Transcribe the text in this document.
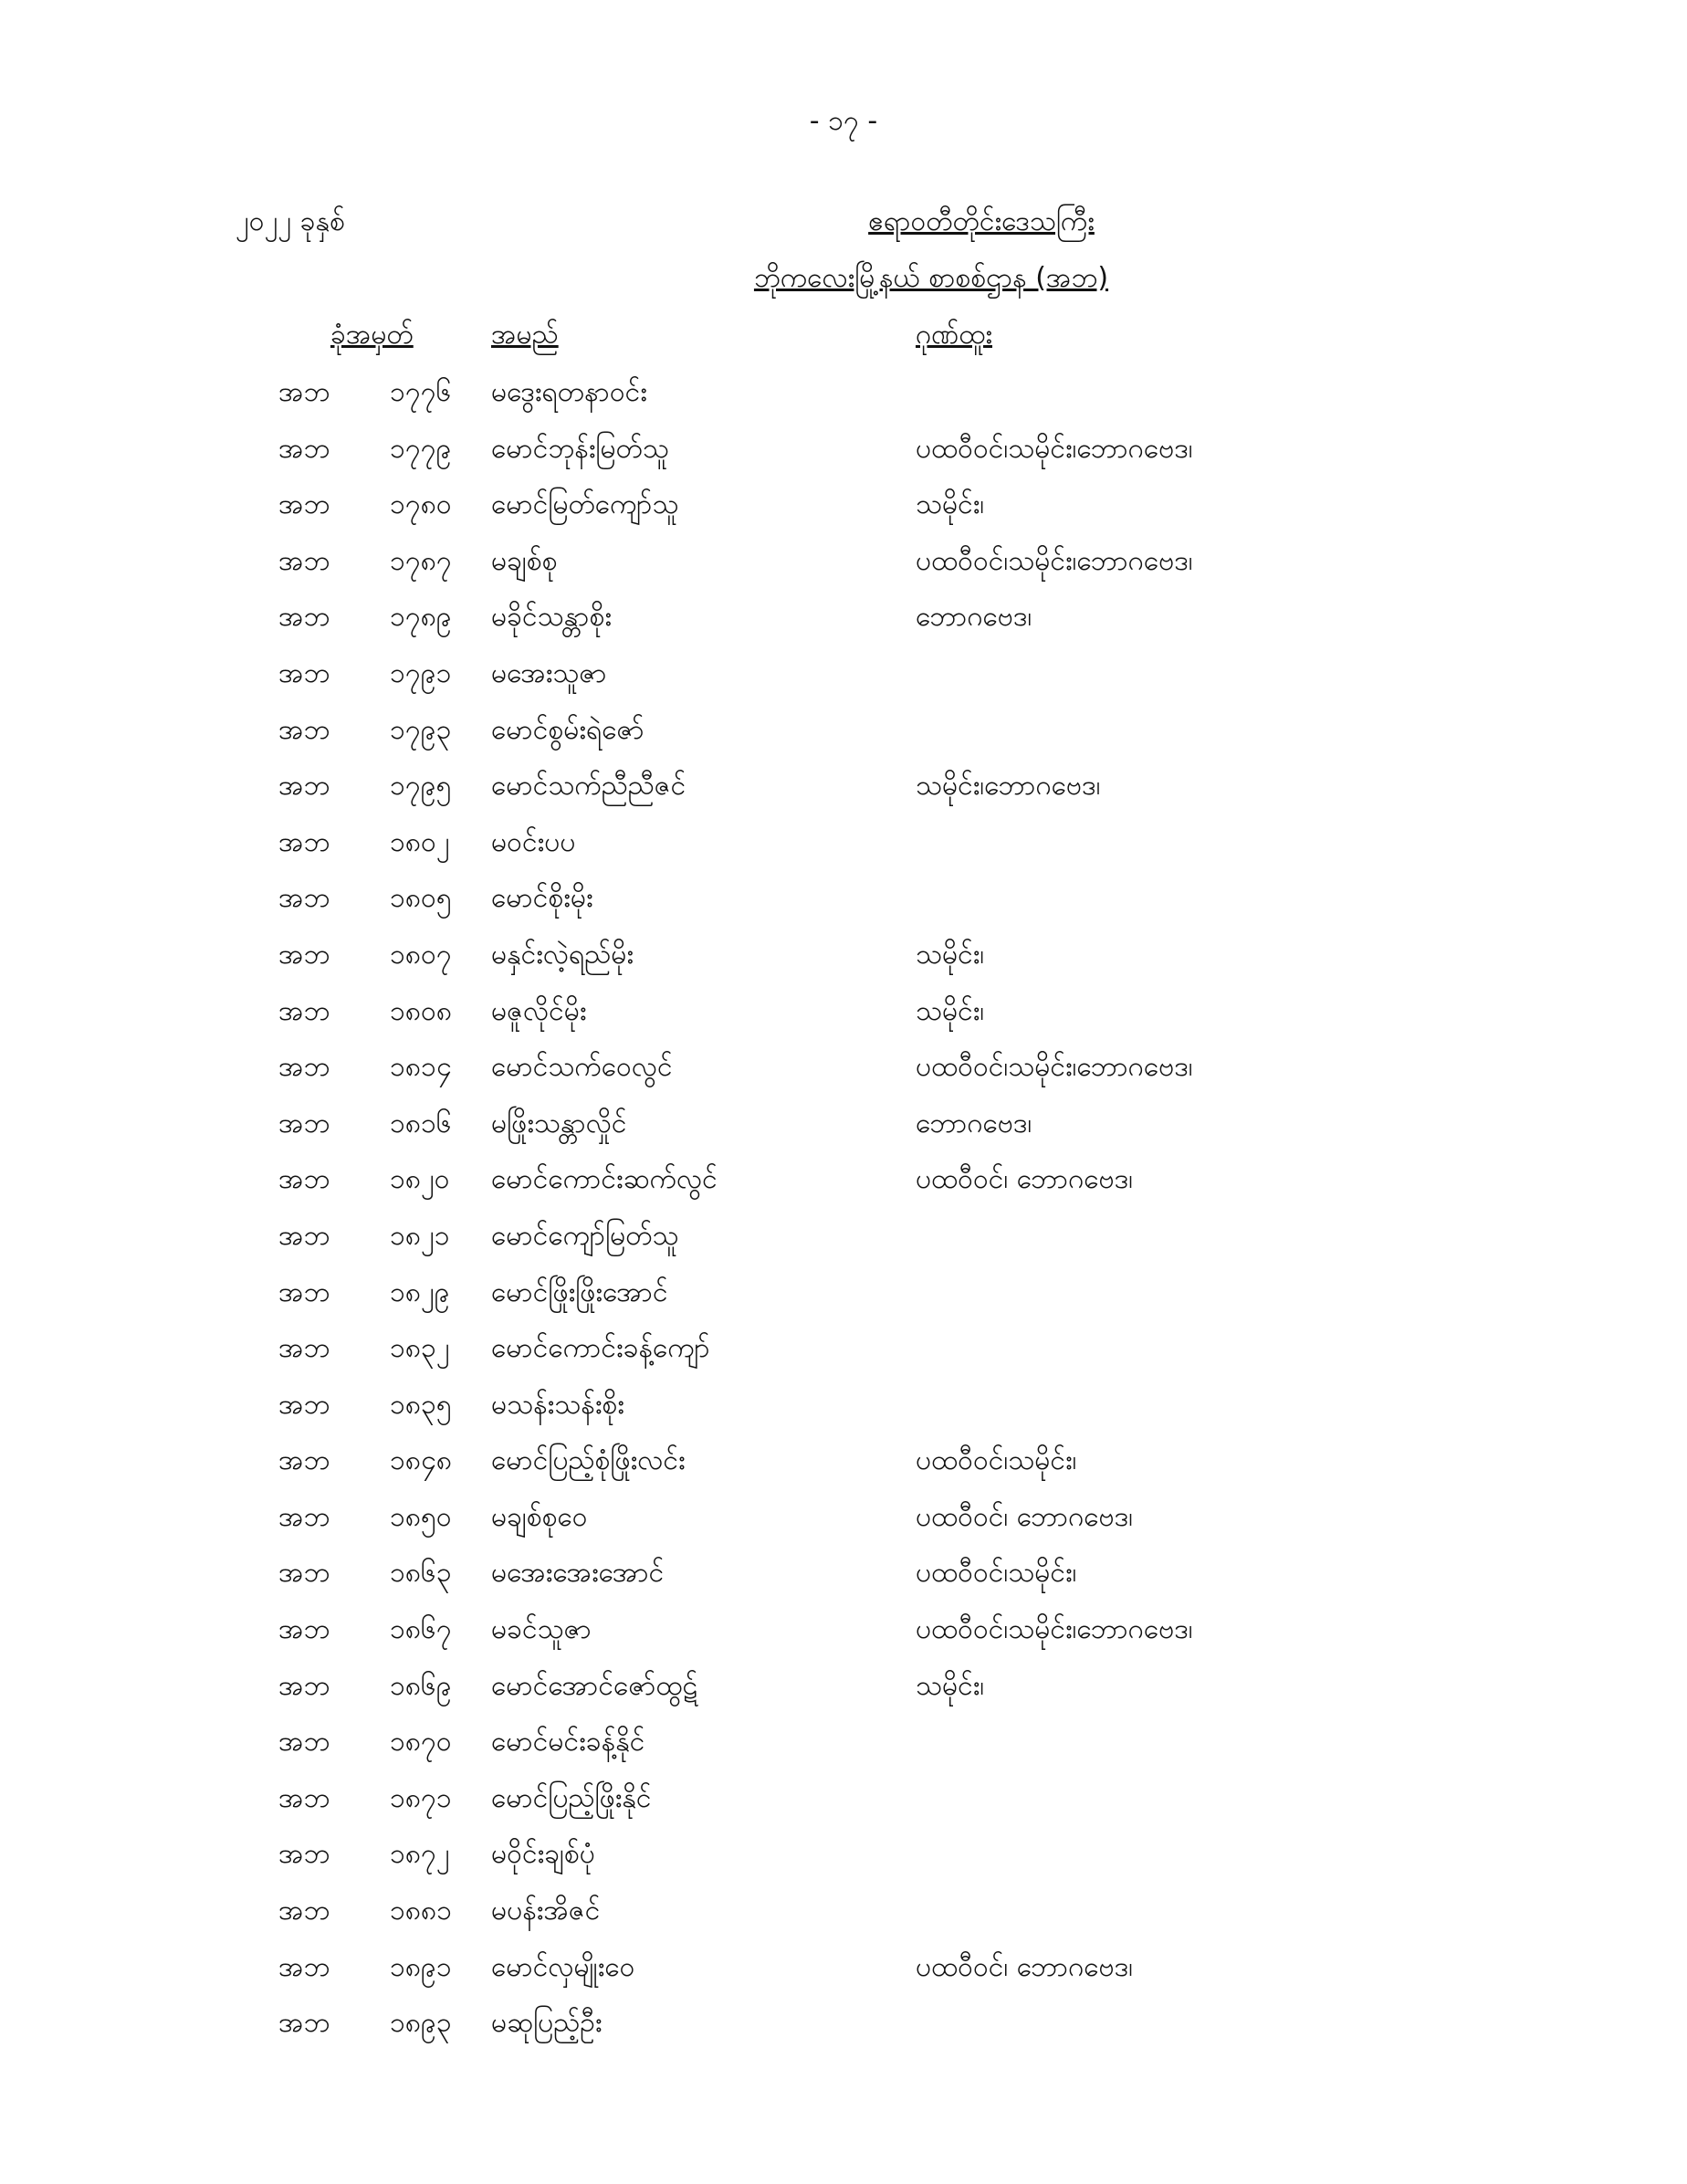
- ၁၇ -
၂၀၂၂ ခုနှစ်	ဧရာဝတီတိုင်းဒေသကြီး
ဘိုကလေးမြို့နယ် စာစစ်ဌာန (အဘ)
ခုံအမှတ်	အမည်	ဂုဏ်ထူး
အဘ ၁၇၇၆ မဒွေးရတနာဝင်း
အဘ ၁၇၇၉ မောင်ဘုန်းမြတ်သူ	ပထဝီဝင်၊သမိုင်း၊ဘောဂဗေဒ၊
အဘ ၁၇၈၀ မောင်မြတ်ကျော်သူ	သမိုင်း၊
အဘ ၁၇၈၇ မချစ်စု	ပထဝီဝင်၊သမိုင်း၊ဘောဂဗေဒ၊
အဘ ၁၇၈၉ မခိုင်သန္တာစိုး	ဘောဂဗေဒ၊
အဘ ၁၇၉၁ မအေးသူဇာ
အဘ ၁၇၉၃ မောင်စွမ်းရဲဇော်
အဘ ၁၇၉၅ မောင်သက်ညီညီဇင်	သမိုင်း၊ဘောဂဗေဒ၊
အဘ ၁၈၀၂ မဝင်းပပ
အဘ ၁၈၀၅ မောင်စိုးမိုး
အဘ ၁၈၀၇ မနှင်းလဲ့ရည်မိုး	သမိုင်း၊
အဘ ၁၈၀၈ မဇူလိုင်မိုး	သမိုင်း၊
အဘ ၁၈၁၄ မောင်သက်ဝေလွင်	ပထဝီဝင်၊သမိုင်း၊ဘောဂဗေဒ၊
အဘ ၁၈၁၆ မဖြိုးသန္တာလှိုင်	ဘောဂဗေဒ၊
အဘ ၁၈၂၀ မောင်ကောင်းဆက်လွင်	ပထဝီဝင်၊ ဘောဂဗေဒ၊
အဘ ၁၈၂၁ မောင်ကျော်မြတ်သူ
အဘ ၁၈၂၉ မောင်ဖြိုးဖြိုးအောင်
အဘ ၁၈၃၂ မောင်ကောင်းခန့်ကျော်
အဘ ၁၈၃၅ မသန်းသန်းစိုး
အဘ ၁၈၄၈ မောင်ပြည့်စုံဖြိုးလင်း	ပထဝီဝင်၊သမိုင်း၊
အဘ ၁၈၅၀ မချစ်စုဝေ	ပထဝီဝင်၊ ဘောဂဗေဒ၊
အဘ ၁၈၆၃ မအေးအေးအောင်	ပထဝီဝင်၊သမိုင်း၊
အဘ ၁၈၆၇ မခင်သူဇာ	ပထဝီဝင်၊သမိုင်း၊ဘောဂဗေဒ၊
အဘ ၁၈၆၉ မောင်အောင်ဇော်ထွဋ်	သမိုင်း၊
အဘ ၁၈၇၀ မောင်မင်းခန့်နိုင်
အဘ ၁၈၇၁ မောင်ပြည့်ဖြိုးနိုင်
အဘ ၁၈၇၂ မဝိုင်းချစ်ပုံ
အဘ ၁၈၈၁ မပန်းအိဇင်
အဘ ၁၈၉၁ မောင်လှမျိုးဝေ	ပထဝီဝင်၊ ဘောဂဗေဒ၊
အဘ ၁၈၉၃ မဆုပြည့်ဦး
